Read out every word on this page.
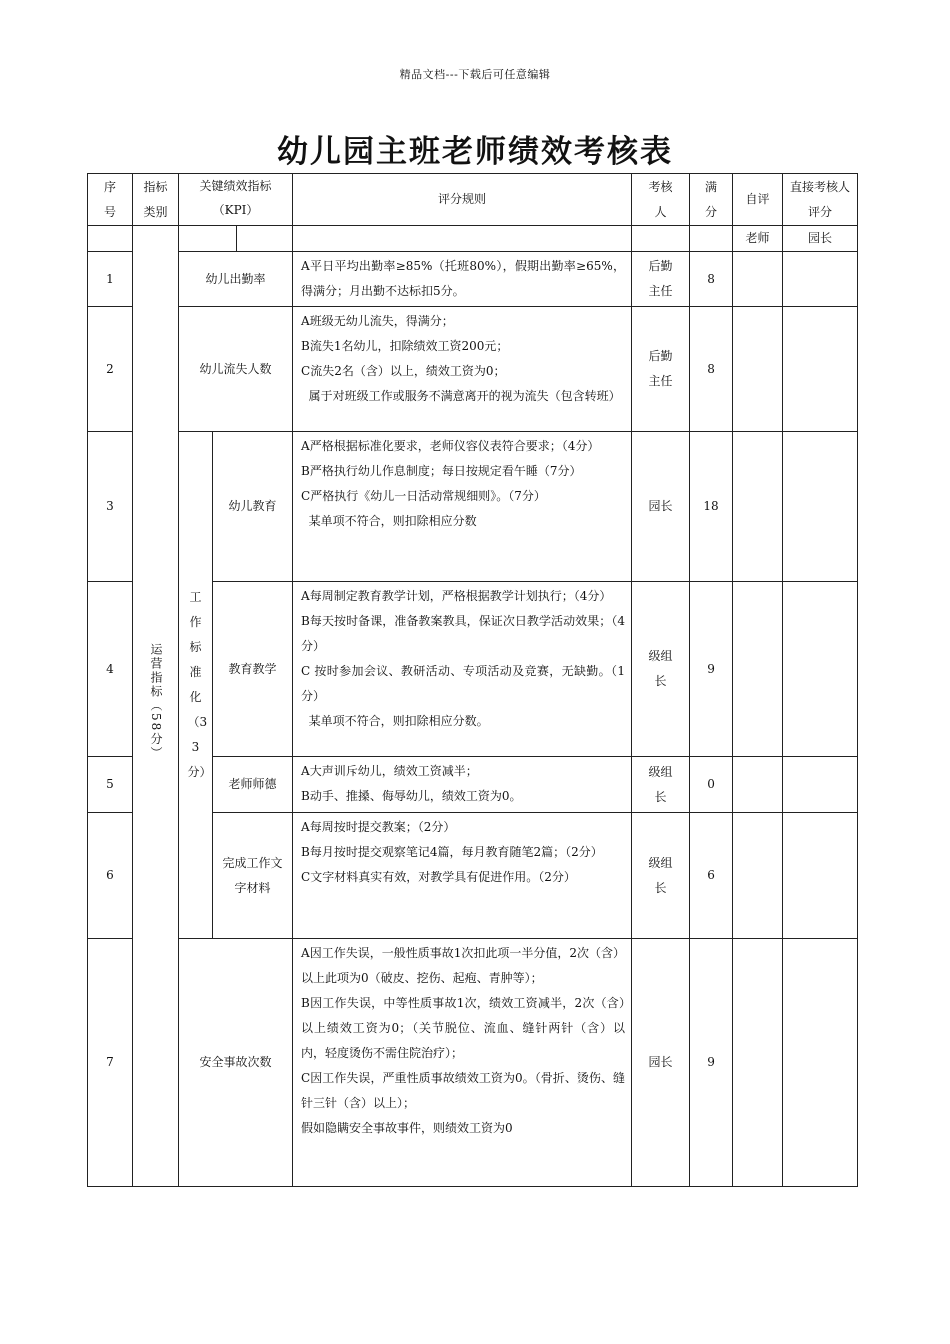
精品文档---下载后可任意编辑
幼儿园主班老师绩效考核表
序号	指标类别	关键绩效指标（KPI）			评分规则	考核人	满分	自评	直接考核人评分
	运营指标（58分）							老师	园长
1		幼儿出勤率			A平日平均出勤率≥85%（托班80%），假期出勤率≥65%，得满分；月出勤不达标扣5分。	后勤主任	8		
2		幼儿流失人数			A班级无幼儿流失，得满分；
B流失1名幼儿，扣除绩效工资200元；
C流失2名（含）以上，绩效工资为0；
属于对班级工作或服务不满意离开的视为流失（包含转班）	后勤主任	8		
3		工作标准化（33分）	幼儿教育		A严格根据标准化要求，老师仪容仪表符合要求；（4分）
B严格执行幼儿作息制度；每日按规定看午睡（7分）
C严格执行《幼儿一日活动常规细则》。（7分）
某单项不符合，则扣除相应分数	园长	18		
4			教育教学		A每周制定教育教学计划，严格根据教学计划执行；（4分）
B每天按时备课，准备教案教具，保证次日教学活动效果；（4分）
C 按时参加会议、教研活动、专项活动及竞赛，无缺勤。（1分）
某单项不符合，则扣除相应分数。	级组长	9		
5			老师师德		A大声训斥幼儿，绩效工资减半；
B动手、推搡、侮辱幼儿，绩效工资为0。	级组长	0		
6			完成工作文字材料		A每周按时提交教案；（2分）
B每月按时提交观察笔记4篇，每月教育随笔2篇；（2分）
C文字材料真实有效，对教学具有促进作用。（2分）	级组长	6		
7		安全事故次数			A因工作失误，一般性质事故1次扣此项一半分值，2次（含）以上此项为0（破皮、挖伤、起疱、青肿等）；
B因工作失误，中等性质事故1次，绩效工资减半，2次（含）以上绩效工资为0；（关节脱位、流血、缝针两针（含）以内，轻度烫伤不需住院治疗）；
C因工作失误，严重性质事故绩效工资为0。（骨折、烫伤、缝针三针（含）以上）；
假如隐瞒安全事故事件，则绩效工资为0	园长	9		
